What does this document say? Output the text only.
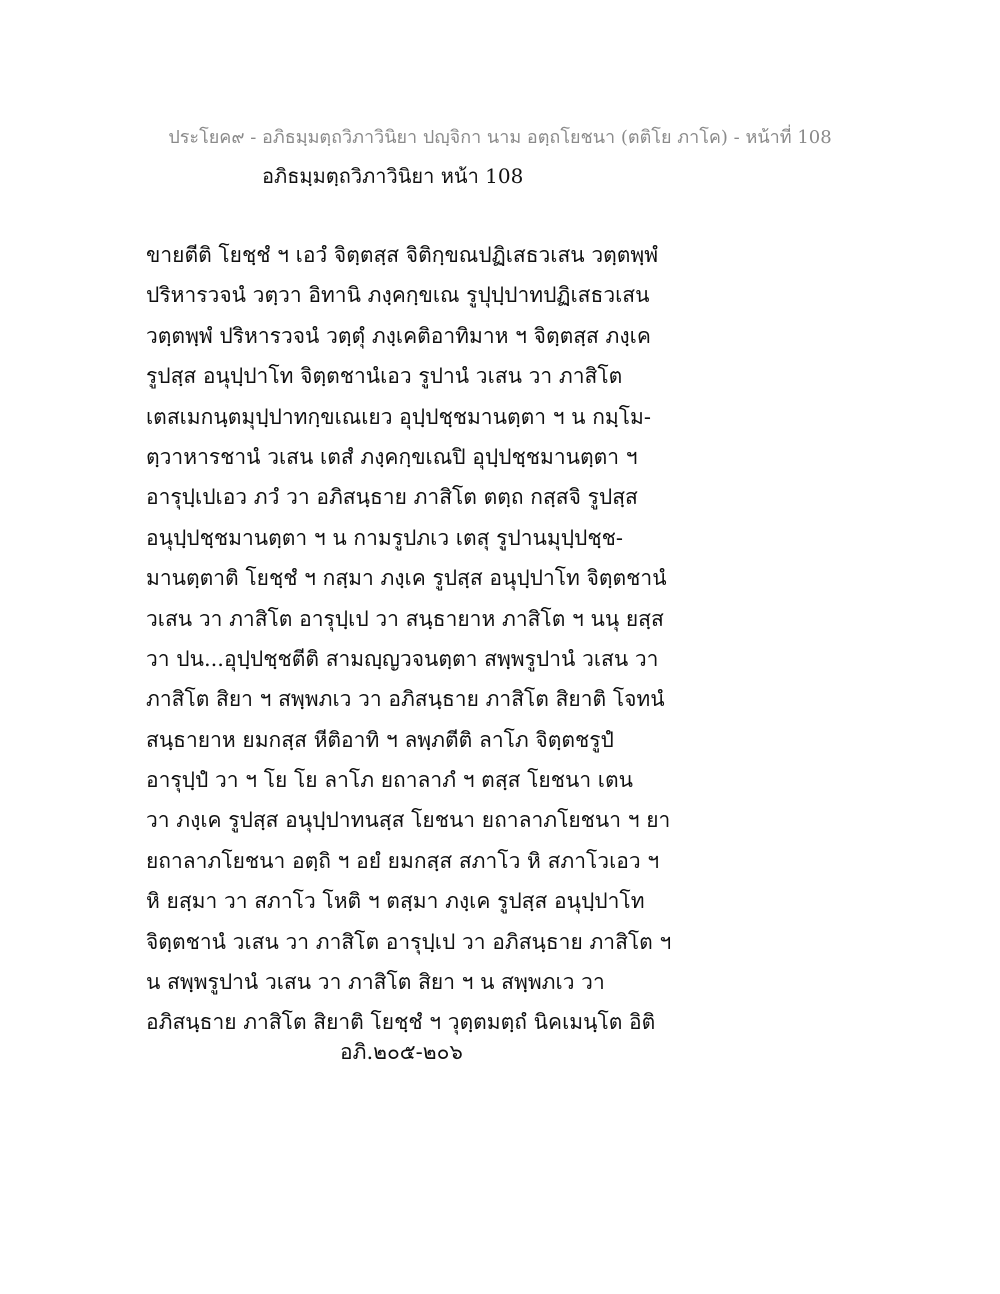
ประโยค๙ - อภิธมฺมตฺถวิภาวินิยา ปญฺจิกา นาม อตฺถโยชนา (ตติโย ภาโค) - หน้าที่ 108
อภิธมฺมตฺถวิภาวินิยา หน้า 108
ขายตีติ โยชฺชํ ฯ เอวํ จิตฺตสฺส จิติกฺขณปฏิเสธวเสน วตฺตพฺพํ
ปริหารวจนํ วตฺวา อิทานิ ภงฺคกฺขเณ รูปุปฺปาทปฏิเสธวเสน
วตฺตพฺพํ ปริหารวจนํ วตฺตุํ ภงฺเคติอาทิมาห ฯ จิตฺตสฺส ภงฺเค
รูปสฺส อนุปฺปาโท จิตฺตชานํเอว รูปานํ วเสน วา ภาสิโต
เตสเมกนฺตมุปฺปาทกฺขเณเยว อุปฺปชฺชมานตฺตา ฯ น กมฺโม-
ตฺวาหารชานํ วเสน เตสํ ภงฺคกฺขเณปิ อุปฺปชฺชมานตฺตา ฯ
อารุปฺเปเอว ภวํ วา อภิสนฺธาย ภาสิโต ตตฺถ กสฺสจิ รูปสฺส
อนุปฺปชฺชมานตฺตา ฯ น กามรูปภเว เตสุ รูปานมุปฺปชฺช-
มานตฺตาติ โยชฺชํ ฯ กสฺมา ภงฺเค รูปสฺส อนุปฺปาโท จิตฺตชานํ
วเสน วา ภาสิโต อารุปฺเป วา สนฺธายาห ภาสิโต ฯ นนุ ยสฺส
วา ปน...อุปฺปชฺชตีติ สามญฺญวจนตฺตา สพฺพรูปานํ วเสน วา
ภาสิโต สิยา ฯ สพฺพภเว วา อภิสนฺธาย ภาสิโต สิยาติ โจทนํ
สนฺธายาห ยมกสฺส หีติอาทิ ฯ ลพฺภตีติ ลาโภ จิตฺตชรูปํ
อารุปฺปํ วา ฯ โย โย ลาโภ ยถาลาภํ ฯ ตสฺส โยชนา เตน
วา ภงฺเค รูปสฺส อนุปฺปาทนสฺส โยชนา ยถาลาภโยชนา ฯ ยา
ยถาลาภโยชนา อตฺถิ ฯ อยํ ยมกสฺส สภาโว หิ สภาโวเอว ฯ
หิ ยสฺมา วา สภาโว โหติ ฯ ตสฺมา ภงฺเค รูปสฺส อนุปฺปาโท
จิตฺตชานํ วเสน วา ภาสิโต อารุปฺเป วา อภิสนฺธาย ภาสิโต ฯ
น สพฺพรูปานํ วเสน วา ภาสิโต สิยา ฯ น สพฺพภเว วา
อภิสนฺธาย ภาสิโต สิยาติ โยชฺชํ ฯ วุตฺตมตฺถํ นิคเมนฺโต อิติ
อภิ.๒๐๕-๒๐๖
